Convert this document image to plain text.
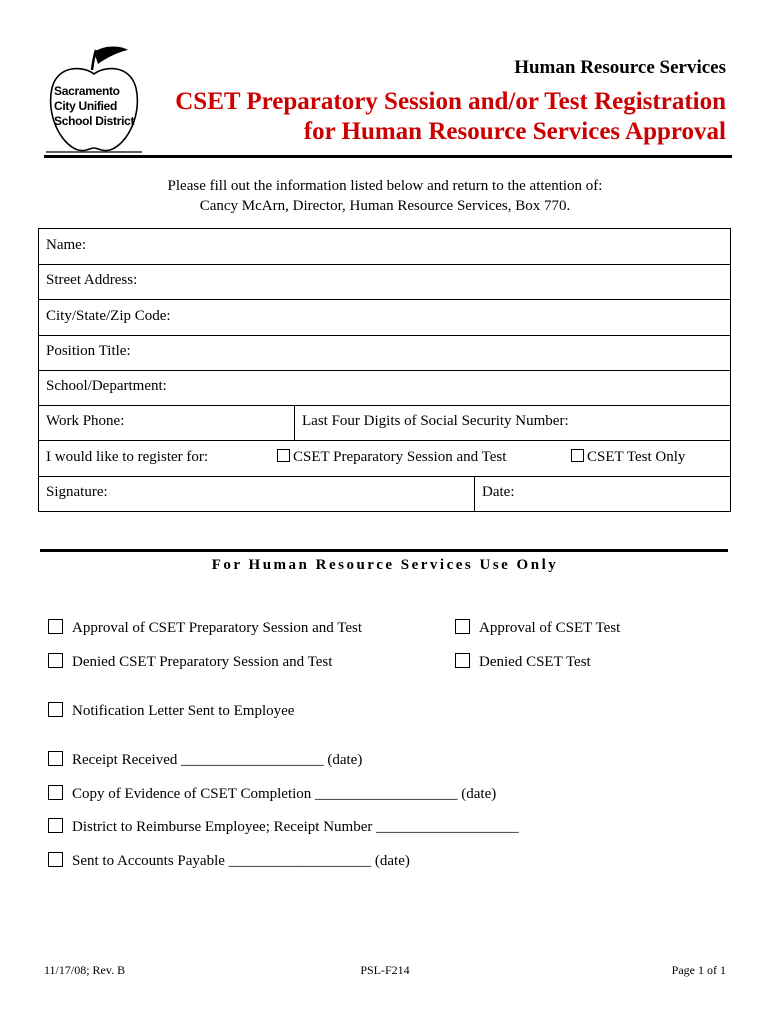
Sacramento
City Unified
School District
Human Resource Services
CSET Preparatory Session and/or Test Registration
for Human Resource Services Approval
Please fill out the information listed below and return to the attention of:
Cancy McArn, Director, Human Resource Services, Box 770.
Name:
Street Address:
City/State/Zip Code:
Position Title:
School/Department:
Work Phone:	Last Four Digits of Social Security Number:
I would like to register for:	CSET Preparatory Session and Test	CSET Test Only
Signature:	Date:
For Human Resource Services Use Only
Approval of CSET Preparatory Session and Test	Approval of CSET Test
Denied CSET Preparatory Session and Test	Denied CSET Test
Notification Letter Sent to Employee
Receipt Received ___________________ (date)
Copy of Evidence of CSET Completion ___________________ (date)
District to Reimburse Employee; Receipt Number ___________________
Sent to Accounts Payable ___________________ (date)
11/17/08; Rev. B	PSL-F214	Page 1 of 1
